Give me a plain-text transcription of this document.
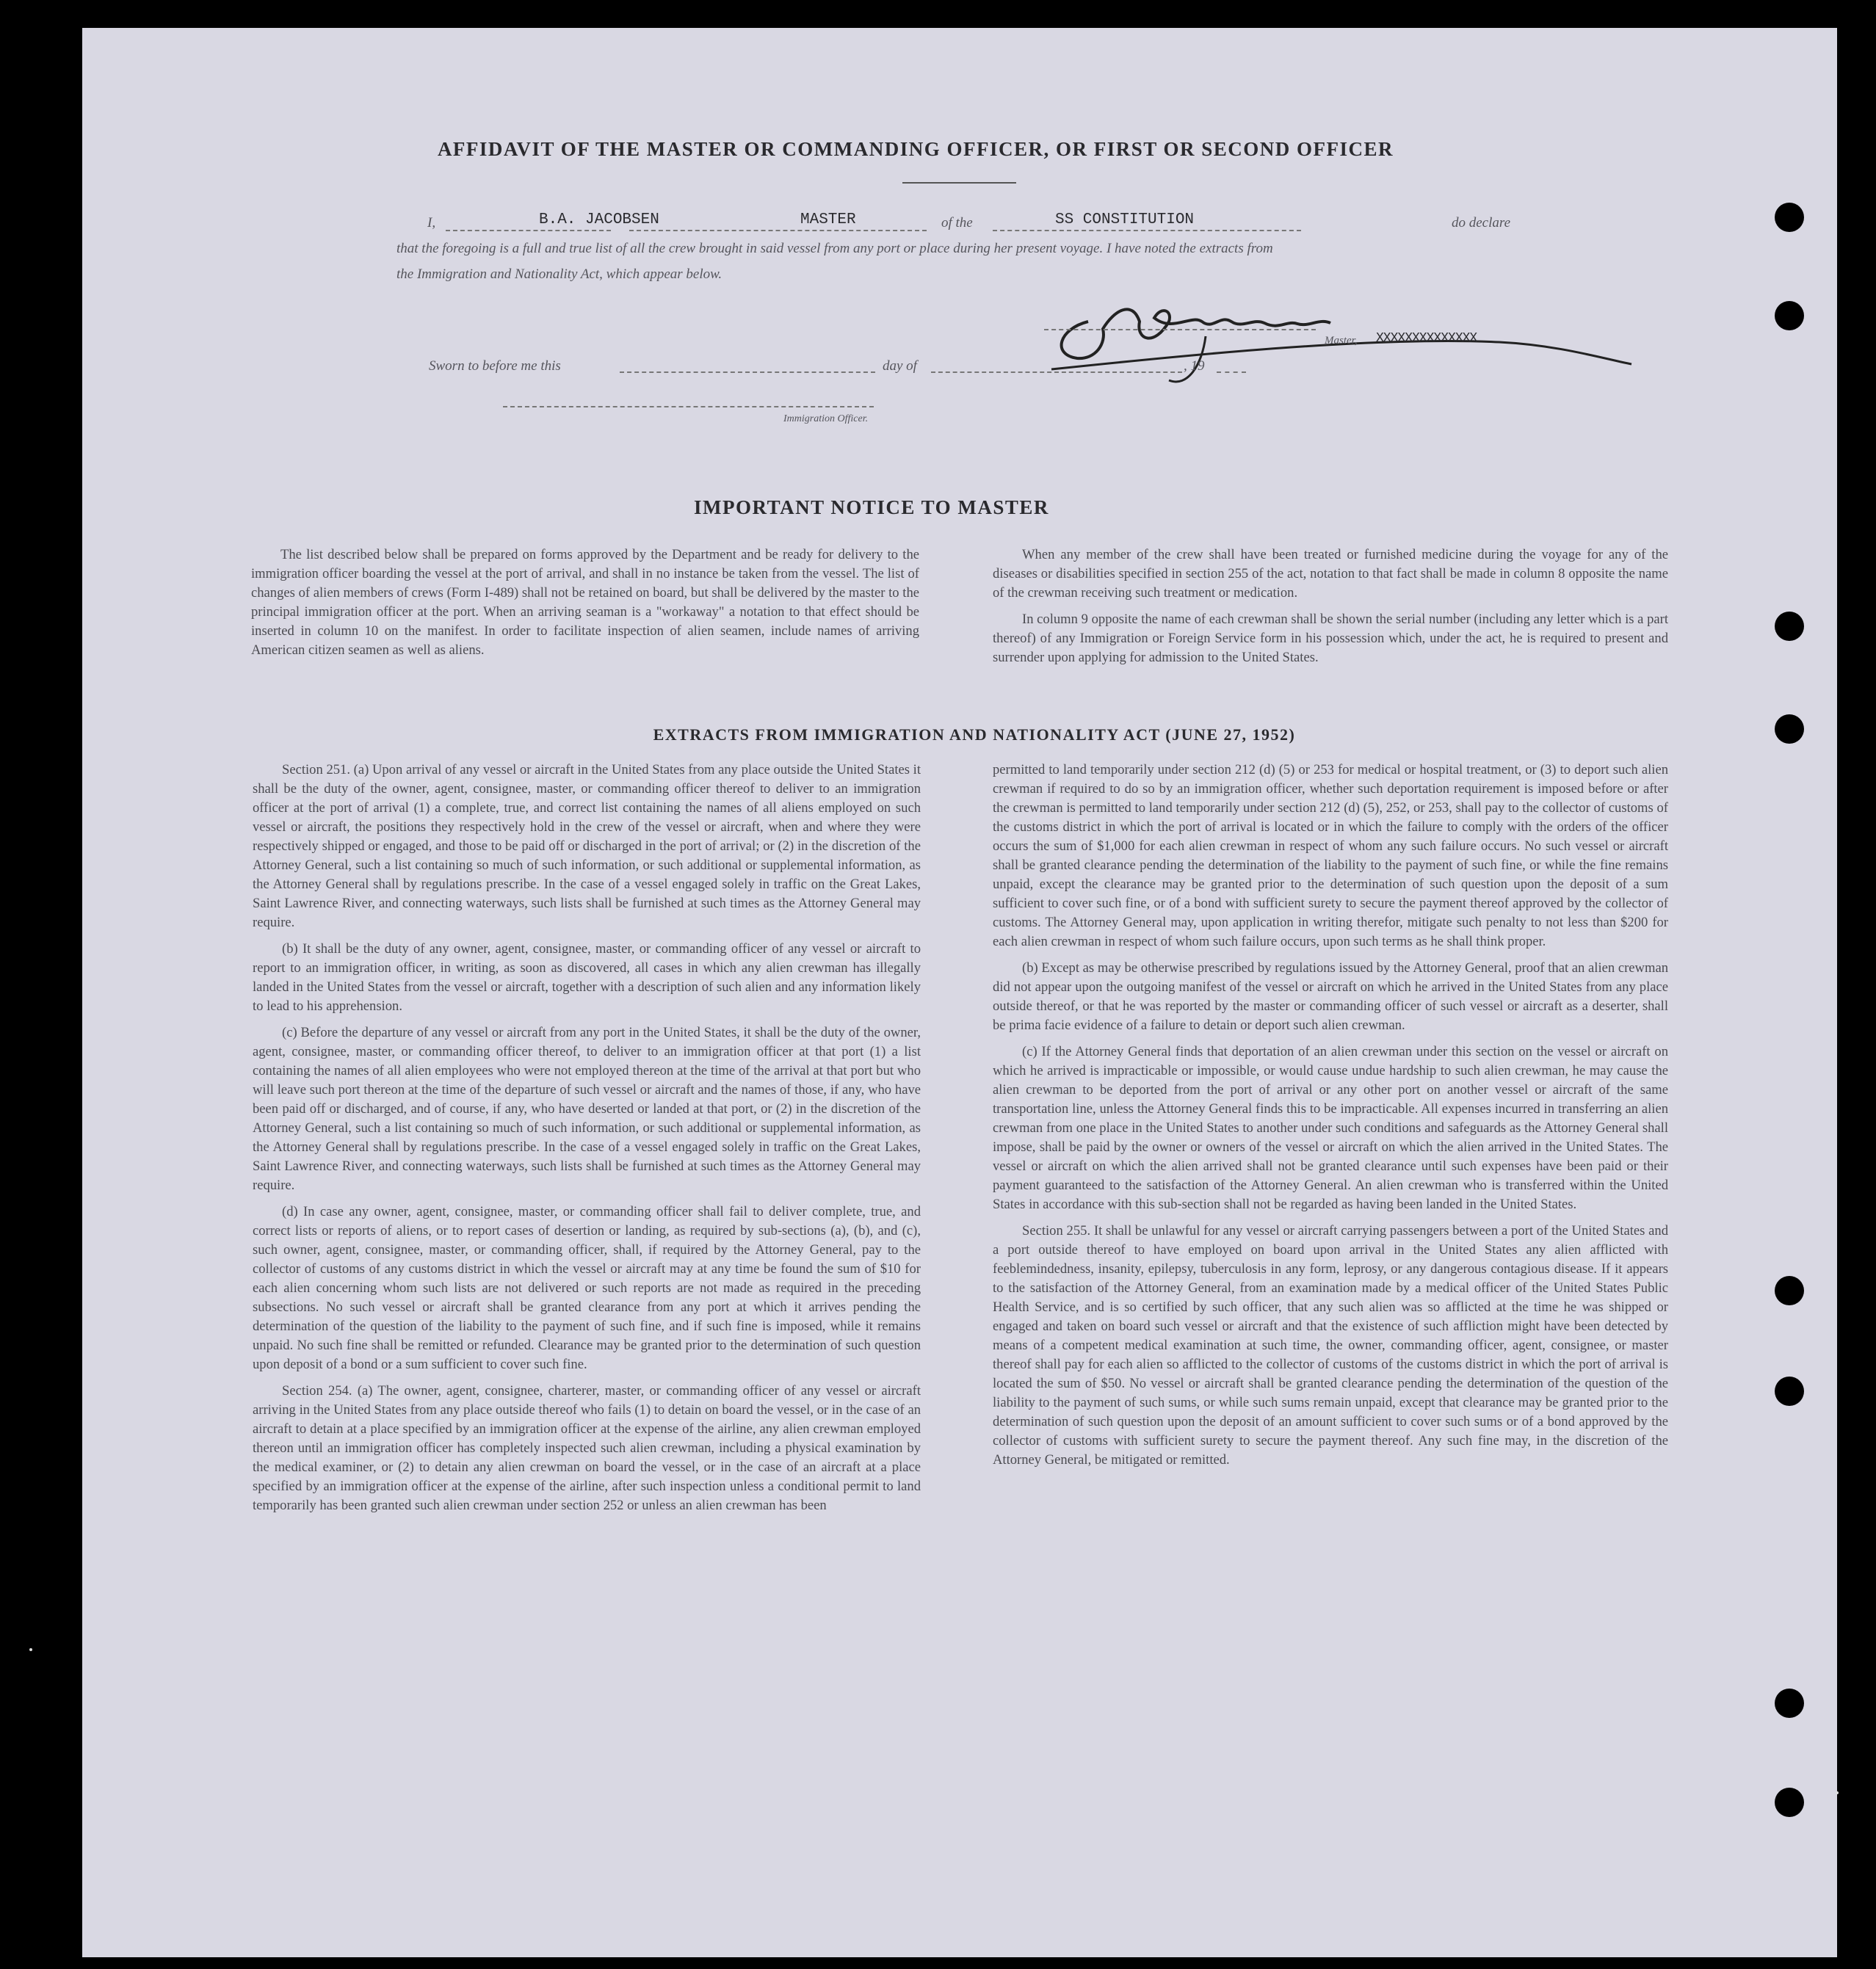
AFFIDAVIT OF THE MASTER OR COMMANDING OFFICER, OR FIRST OR SECOND OFFICER
I,	B.A. JACOBSEN	MASTER	of the	SS CONSTITUTION	do declare
that the foregoing is a full and true list of all the crew brought in said vessel from any port or place during her present voyage. I have noted the extracts from
the Immigration and Nationality Act, which appear below.
Master, XXXXXXXXXXXXXX
Sworn to before me this	day of	, 19
Immigration Officer.
IMPORTANT NOTICE TO MASTER

The list described below shall be prepared on forms approved by the Department and be ready for delivery to the immigration officer boarding the vessel at the port of arrival, and shall in no instance be taken from the vessel. The list of changes of alien members of crews (Form I-489) shall not be retained on board, but shall be delivered by the master to the principal immigration officer at the port. When an arriving seaman is a "workaway" a notation to that effect should be inserted in column 10 on the manifest. In order to facilitate inspection of alien seamen, include names of arriving American citizen seamen as well as aliens.

When any member of the crew shall have been treated or furnished medicine during the voyage for any of the diseases or disabilities specified in section 255 of the act, notation to that fact shall be made in column 8 opposite the name of the crewman receiving such treatment or medication.

In column 9 opposite the name of each crewman shall be shown the serial number (including any letter which is a part thereof) of any Immigration or Foreign Service form in his possession which, under the act, he is required to present and surrender upon applying for admission to the United States.

EXTRACTS FROM IMMIGRATION AND NATIONALITY ACT (JUNE 27, 1952)

Section 251. (a) Upon arrival of any vessel or aircraft in the United States from any place outside the United States it shall be the duty of the owner, agent, consignee, master, or commanding officer thereof to deliver to an immigration officer at the port of arrival (1) a complete, true, and correct list containing the names of all aliens employed on such vessel or aircraft, the positions they respectively hold in the crew of the vessel or aircraft, when and where they were respectively shipped or engaged, and those to be paid off or discharged in the port of arrival; or (2) in the discretion of the Attorney General, such a list containing so much of such information, or such additional or supplemental information, as the Attorney General shall by regulations prescribe. In the case of a vessel engaged solely in traffic on the Great Lakes, Saint Lawrence River, and connecting waterways, such lists shall be furnished at such times as the Attorney General may require.

(b) It shall be the duty of any owner, agent, consignee, master, or commanding officer of any vessel or aircraft to report to an immigration officer, in writing, as soon as discovered, all cases in which any alien crewman has illegally landed in the United States from the vessel or aircraft, together with a description of such alien and any information likely to lead to his apprehension.

(c) Before the departure of any vessel or aircraft from any port in the United States, it shall be the duty of the owner, agent, consignee, master, or commanding officer thereof, to deliver to an immigration officer at that port (1) a list containing the names of all alien employees who were not employed thereon at the time of the arrival at that port but who will leave such port thereon at the time of the departure of such vessel or aircraft and the names of those, if any, who have been paid off or discharged, and of course, if any, who have deserted or landed at that port, or (2) in the discretion of the Attorney General, such a list containing so much of such information, or such additional or supplemental information, as the Attorney General shall by regulations prescribe. In the case of a vessel engaged solely in traffic on the Great Lakes, Saint Lawrence River, and connecting waterways, such lists shall be furnished at such times as the Attorney General may require.

(d) In case any owner, agent, consignee, master, or commanding officer shall fail to deliver complete, true, and correct lists or reports of aliens, or to report cases of desertion or landing, as required by sub-sections (a), (b), and (c), such owner, agent, consignee, master, or commanding officer, shall, if required by the Attorney General, pay to the collector of customs of any customs district in which the vessel or aircraft may at any time be found the sum of $10 for each alien concerning whom such lists are not delivered or such reports are not made as required in the preceding subsections. No such vessel or aircraft shall be granted clearance from any port at which it arrives pending the determination of the question of the liability to the payment of such fine, and if such fine is imposed, while it remains unpaid. No such fine shall be remitted or refunded. Clearance may be granted prior to the determination of such question upon deposit of a bond or a sum sufficient to cover such fine.

Section 254. (a) The owner, agent, consignee, charterer, master, or commanding officer of any vessel or aircraft arriving in the United States from any place outside thereof who fails (1) to detain on board the vessel, or in the case of an aircraft to detain at a place specified by an immigration officer at the expense of the airline, any alien crewman employed thereon until an immigration officer has completely inspected such alien crewman, including a physical examination by the medical examiner, or (2) to detain any alien crewman on board the vessel, or in the case of an aircraft at a place specified by an immigration officer at the expense of the airline, after such inspection unless a conditional permit to land temporarily has been granted such alien crewman under section 252 or unless an alien crewman has been

permitted to land temporarily under section 212 (d) (5) or 253 for medical or hospital treatment, or (3) to deport such alien crewman if required to do so by an immigration officer, whether such deportation requirement is imposed before or after the crewman is permitted to land temporarily under section 212 (d) (5), 252, or 253, shall pay to the collector of customs of the customs district in which the port of arrival is located or in which the failure to comply with the orders of the officer occurs the sum of $1,000 for each alien crewman in respect of whom any such failure occurs. No such vessel or aircraft shall be granted clearance pending the determination of the liability to the payment of such fine, or while the fine remains unpaid, except the clearance may be granted prior to the determination of such question upon the deposit of a sum sufficient to cover such fine, or of a bond with sufficient surety to secure the payment thereof approved by the collector of customs. The Attorney General may, upon application in writing therefor, mitigate such penalty to not less than $200 for each alien crewman in respect of whom such failure occurs, upon such terms as he shall think proper.

(b) Except as may be otherwise prescribed by regulations issued by the Attorney General, proof that an alien crewman did not appear upon the outgoing manifest of the vessel or aircraft on which he arrived in the United States from any place outside thereof, or that he was reported by the master or commanding officer of such vessel or aircraft as a deserter, shall be prima facie evidence of a failure to detain or deport such alien crewman.

(c) If the Attorney General finds that deportation of an alien crewman under this section on the vessel or aircraft on which he arrived is impracticable or impossible, or would cause undue hardship to such alien crewman, he may cause the alien crewman to be deported from the port of arrival or any other port on another vessel or aircraft of the same transportation line, unless the Attorney General finds this to be impracticable. All expenses incurred in transferring an alien crewman from one place in the United States to another under such conditions and safeguards as the Attorney General shall impose, shall be paid by the owner or owners of the vessel or aircraft on which the alien arrived in the United States. The vessel or aircraft on which the alien arrived shall not be granted clearance until such expenses have been paid or their payment guaranteed to the satisfaction of the Attorney General. An alien crewman who is transferred within the United States in accordance with this sub-section shall not be regarded as having been landed in the United States.

Section 255. It shall be unlawful for any vessel or aircraft carrying passengers between a port of the United States and a port outside thereof to have employed on board upon arrival in the United States any alien afflicted with feeblemindedness, insanity, epilepsy, tuberculosis in any form, leprosy, or any dangerous contagious disease. If it appears to the satisfaction of the Attorney General, from an examination made by a medical officer of the United States Public Health Service, and is so certified by such officer, that any such alien was so afflicted at the time he was shipped or engaged and taken on board such vessel or aircraft and that the existence of such affliction might have been detected by means of a competent medical examination at such time, the owner, commanding officer, agent, consignee, or master thereof shall pay for each alien so afflicted to the collector of customs of the customs district in which the port of arrival is located the sum of $50. No vessel or aircraft shall be granted clearance pending the determination of the question of the liability to the payment of such sums, or while such sums remain unpaid, except that clearance may be granted prior to the determination of such question upon the deposit of an amount sufficient to cover such sums or of a bond approved by the collector of customs with sufficient surety to secure the payment thereof. Any such fine may, in the discretion of the Attorney General, be mitigated or remitted.
